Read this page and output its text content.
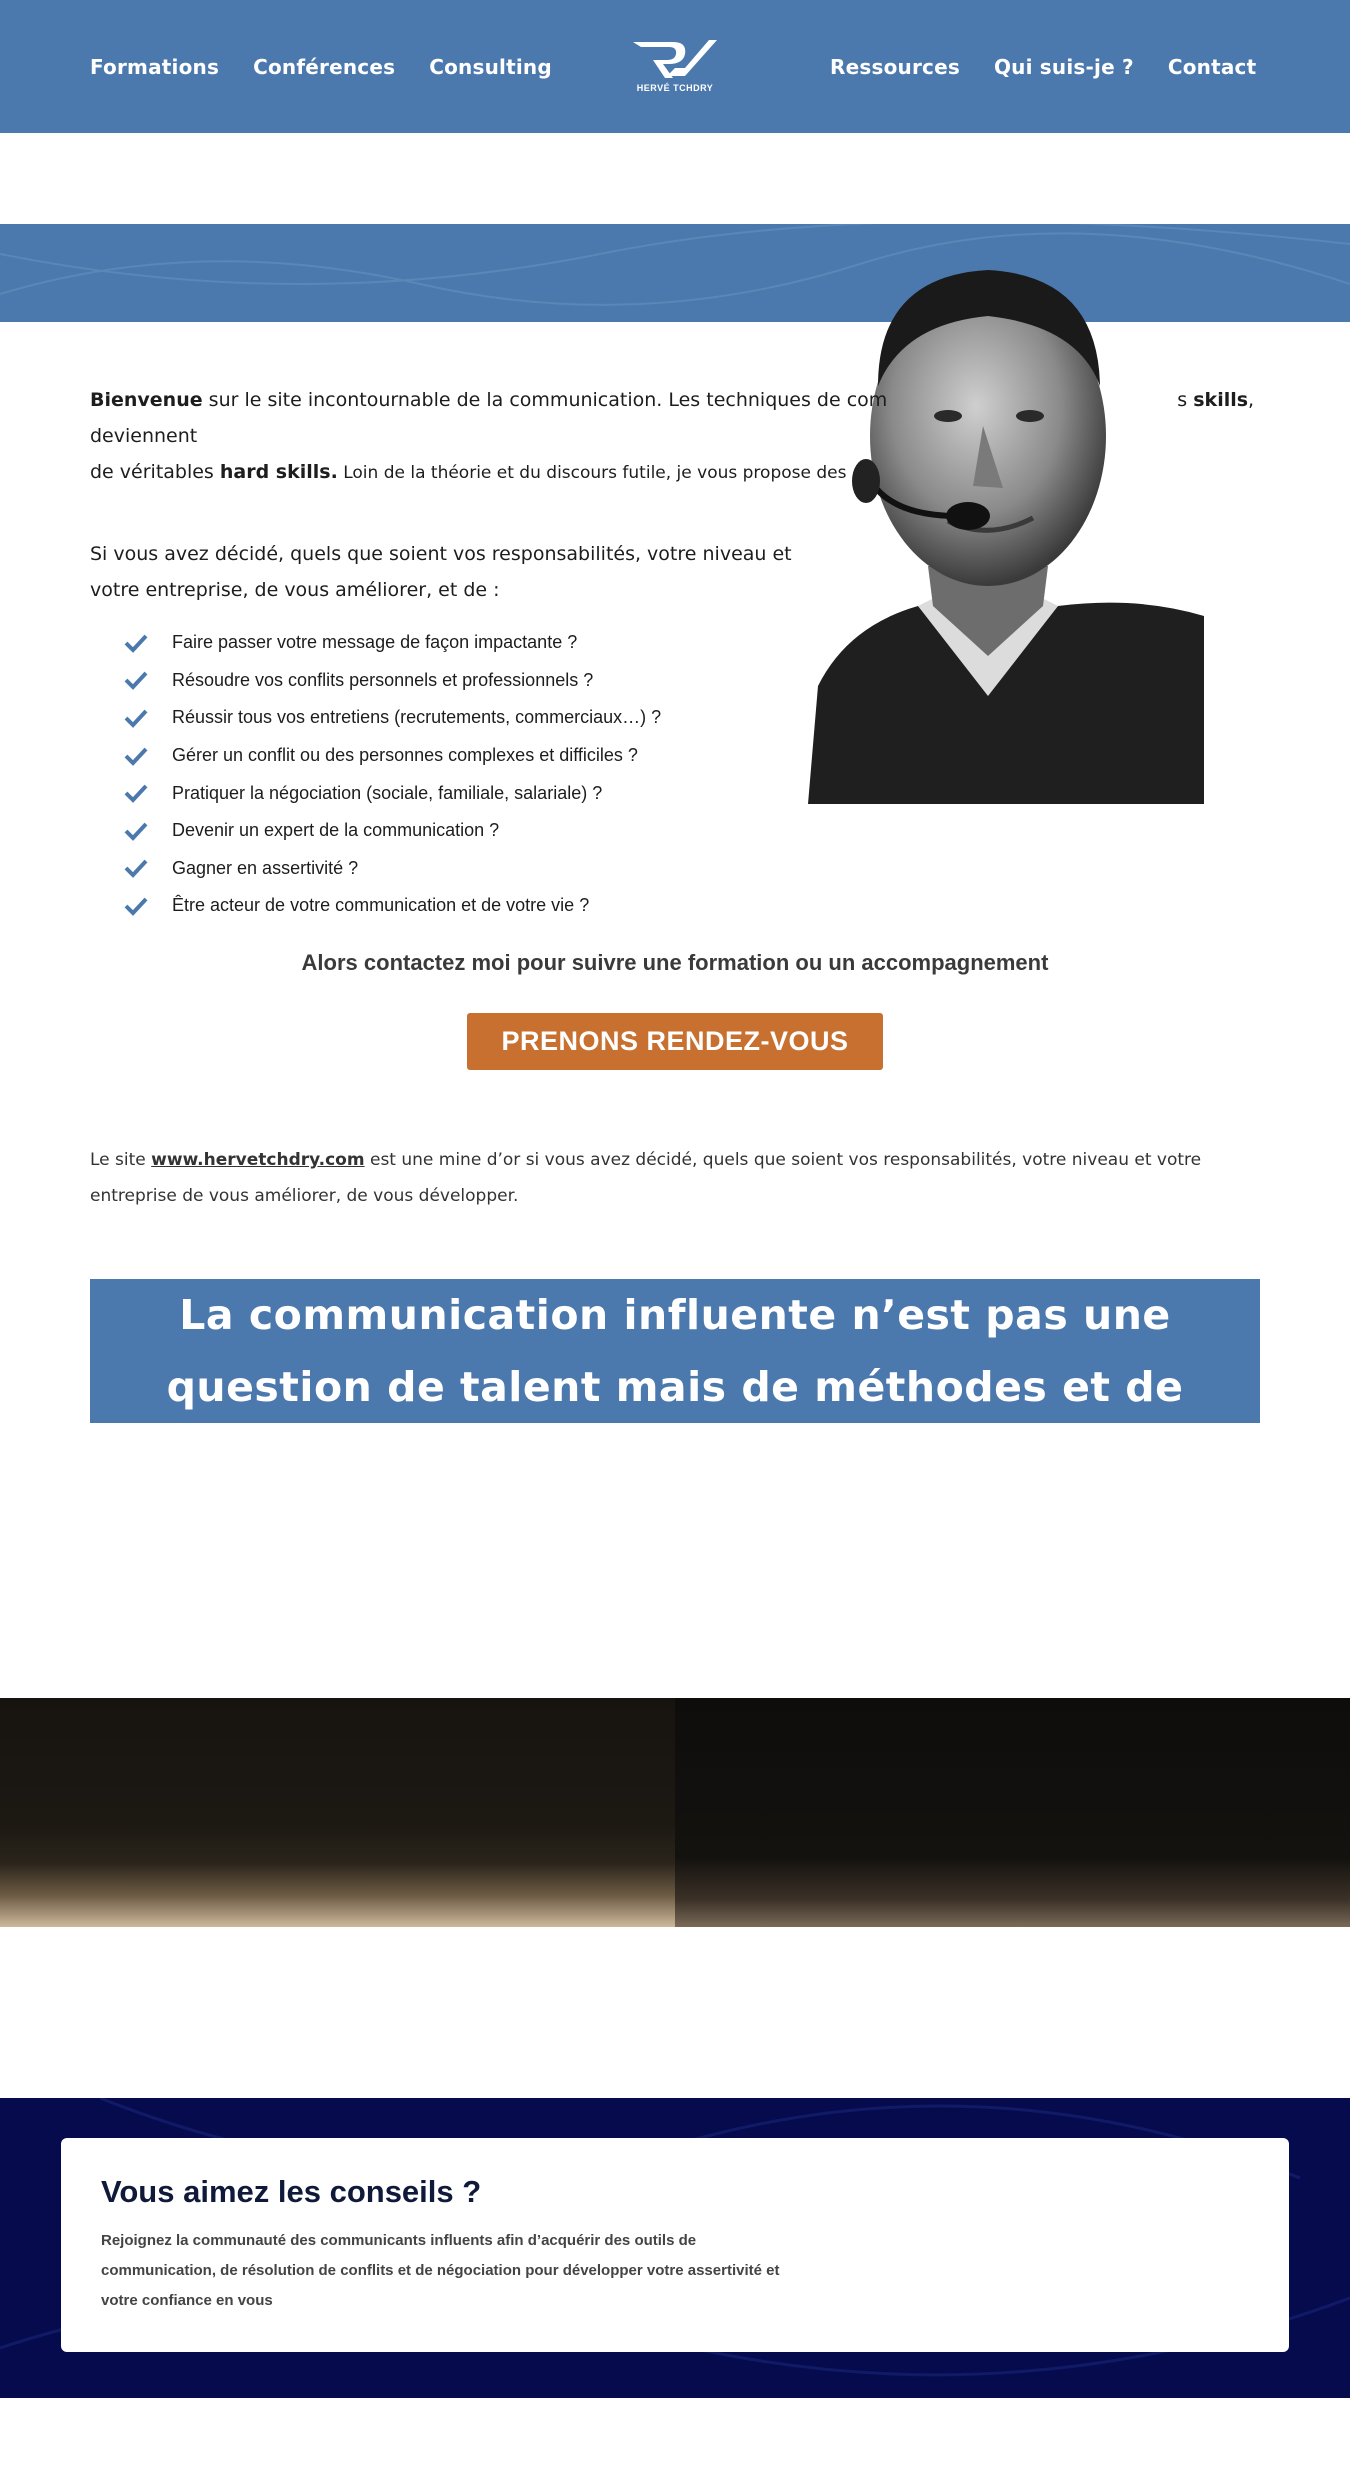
Formations Conférences Consulting
HERVÉ TCHDRY
Ressources Qui suis-je ? Contact
Bienvenue sur le site incontournable de la communication. Les techniques de com	s skills, deviennent
de véritables hard skills. Loin de la théorie et du discours futile, je vous propose des
Si vous avez décidé, quels que soient vos responsabilités, votre niveau et votre entreprise, de vous améliorer, et de :
Faire passer votre message de façon impactante ?
Résoudre vos conflits personnels et professionnels ?
Réussir tous vos entretiens (recrutements, commerciaux…) ?
Gérer un conflit ou des personnes complexes et difficiles ?
Pratiquer la négociation (sociale, familiale, salariale) ?
Devenir un expert de la communication ?
Gagner en assertivité ?
Être acteur de votre communication et de votre vie ?
Alors contactez moi pour suivre une formation ou un accompagnement
PRENONS RENDEZ-VOUS
Le site www.hervetchdry.com est une mine d’or si vous avez décidé, quels que soient vos responsabilités, votre niveau et votre entreprise de vous améliorer, de vous développer.
La communication influente n’est pas une question de talent mais de méthodes et de pratiques.
Vous aimez les conseils ?
Rejoignez la communauté des communicants influents afin d’acquérir des outils de communication, de résolution de conflits et de négociation pour développer votre assertivité et votre confiance en vous
